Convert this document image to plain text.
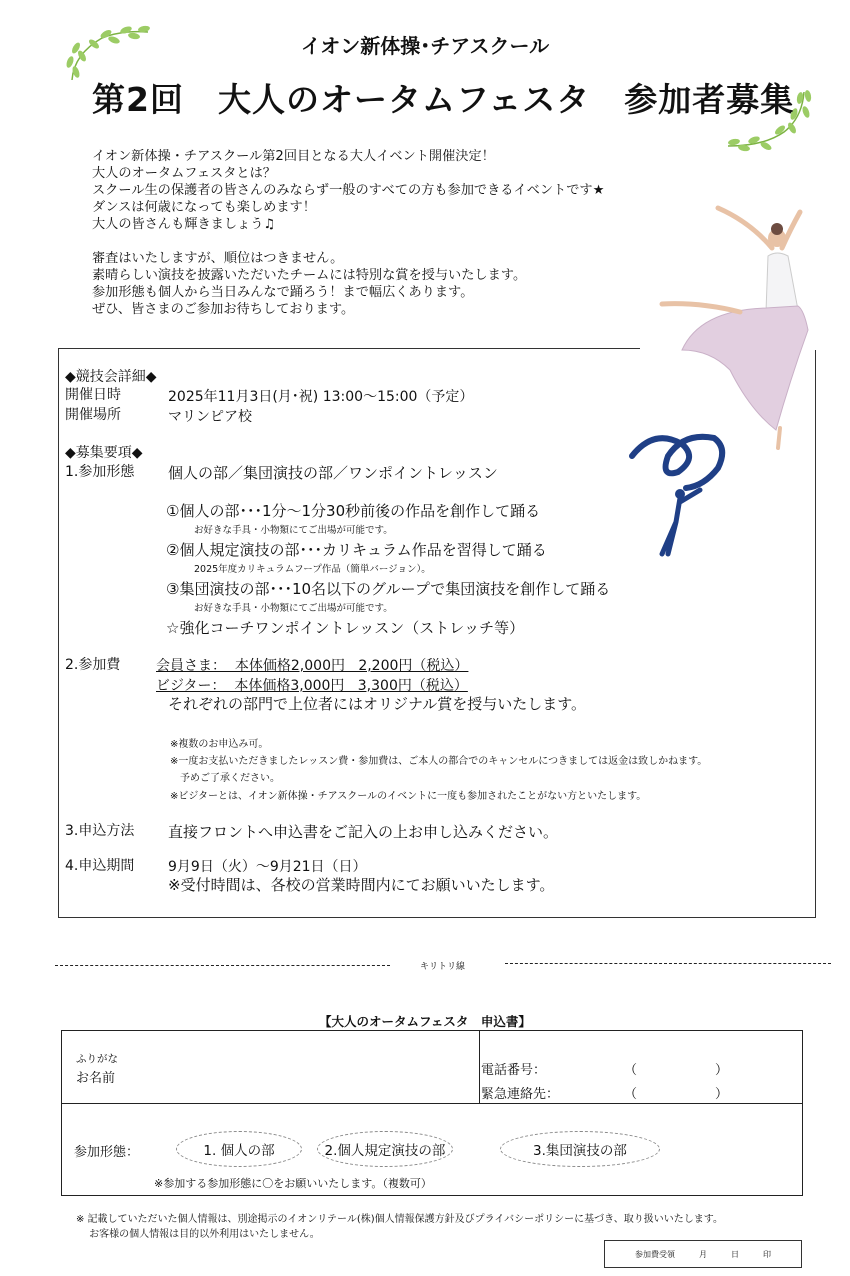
イオン新体操･チアスクール
第2回　大人のオータムフェスタ　参加者募集
イオン新体操・チアスクール第2回目となる大人イベント開催決定！
大人のオータムフェスタとは？
スクール生の保護者の皆さんのみならず一般のすべての方も参加できるイベントです★
ダンスは何歳になっても楽しめます！
大人の皆さんも輝きましょう♫
審査はいたしますが、順位はつきません。
素晴らしい演技を披露いただいたチームには特別な賞を授与いたします。
参加形態も個人から当日みんなで踊ろう！まで幅広くあります。
ぜひ、皆さまのご参加お待ちしております。
◆競技会詳細◆
開催日時	2025年11月3日(月･祝) 13:00～15:00（予定）
開催場所	マリンピア校
◆募集要項◆
1.参加形態 個人の部／集団演技の部／ワンポイントレッスン
①個人の部･･･1分～1分30秒前後の作品を創作して踊る
お好きな手具・小物類にてご出場が可能です。
②個人規定演技の部･･･カリキュラム作品を習得して踊る
2025年度カリキュラムフープ作品（簡単バージョン）。
③集団演技の部･･･10名以下のグループで集団演技を創作して踊る
お好きな手具・小物類にてご出場が可能です。
☆強化コーチワンポイントレッスン（ストレッチ等）
2.参加費	会員さま：  本体価格2,000円   2,200円（税込）
ビジター：  本体価格3,000円   3,300円（税込）
それぞれの部門で上位者にはオリジナル賞を授与いたします。
※複数のお申込み可。
※一度お支払いただきましたレッスン費・参加費は、ご本人の都合でのキャンセルにつきましては返金は致しかねます。
　予めご了承ください。
※ビジターとは、イオン新体操・チアスクールのイベントに一度も参加されたことがない方といたします。
3.申込方法 直接フロントへ申込書をご記入の上お申し込みください。
4.申込期間 9月9日（火）～9月21日（日）
※受付時間は、各校の営業時間内にてお願いいたします。
キリトリ線
【大人のオータムフェスタ　申込書】
ふりがな
お名前
電話番号：	（　　　　　　）
緊急連絡先：	（　　　　　　）
参加形態：	1. 個人の部	2.個人規定演技の部	3.集団演技の部
※参加する参加形態に〇をお願いいたします。（複数可）
※ 記載していただいた個人情報は、別途掲示のイオンリテール(株)個人情報保護方針及びプライバシーポリシーに基づき、取り扱いいたします。
　 お客様の個人情報は目的以外利用はいたしません。
参加費受領　　　月　　　日　　　印
